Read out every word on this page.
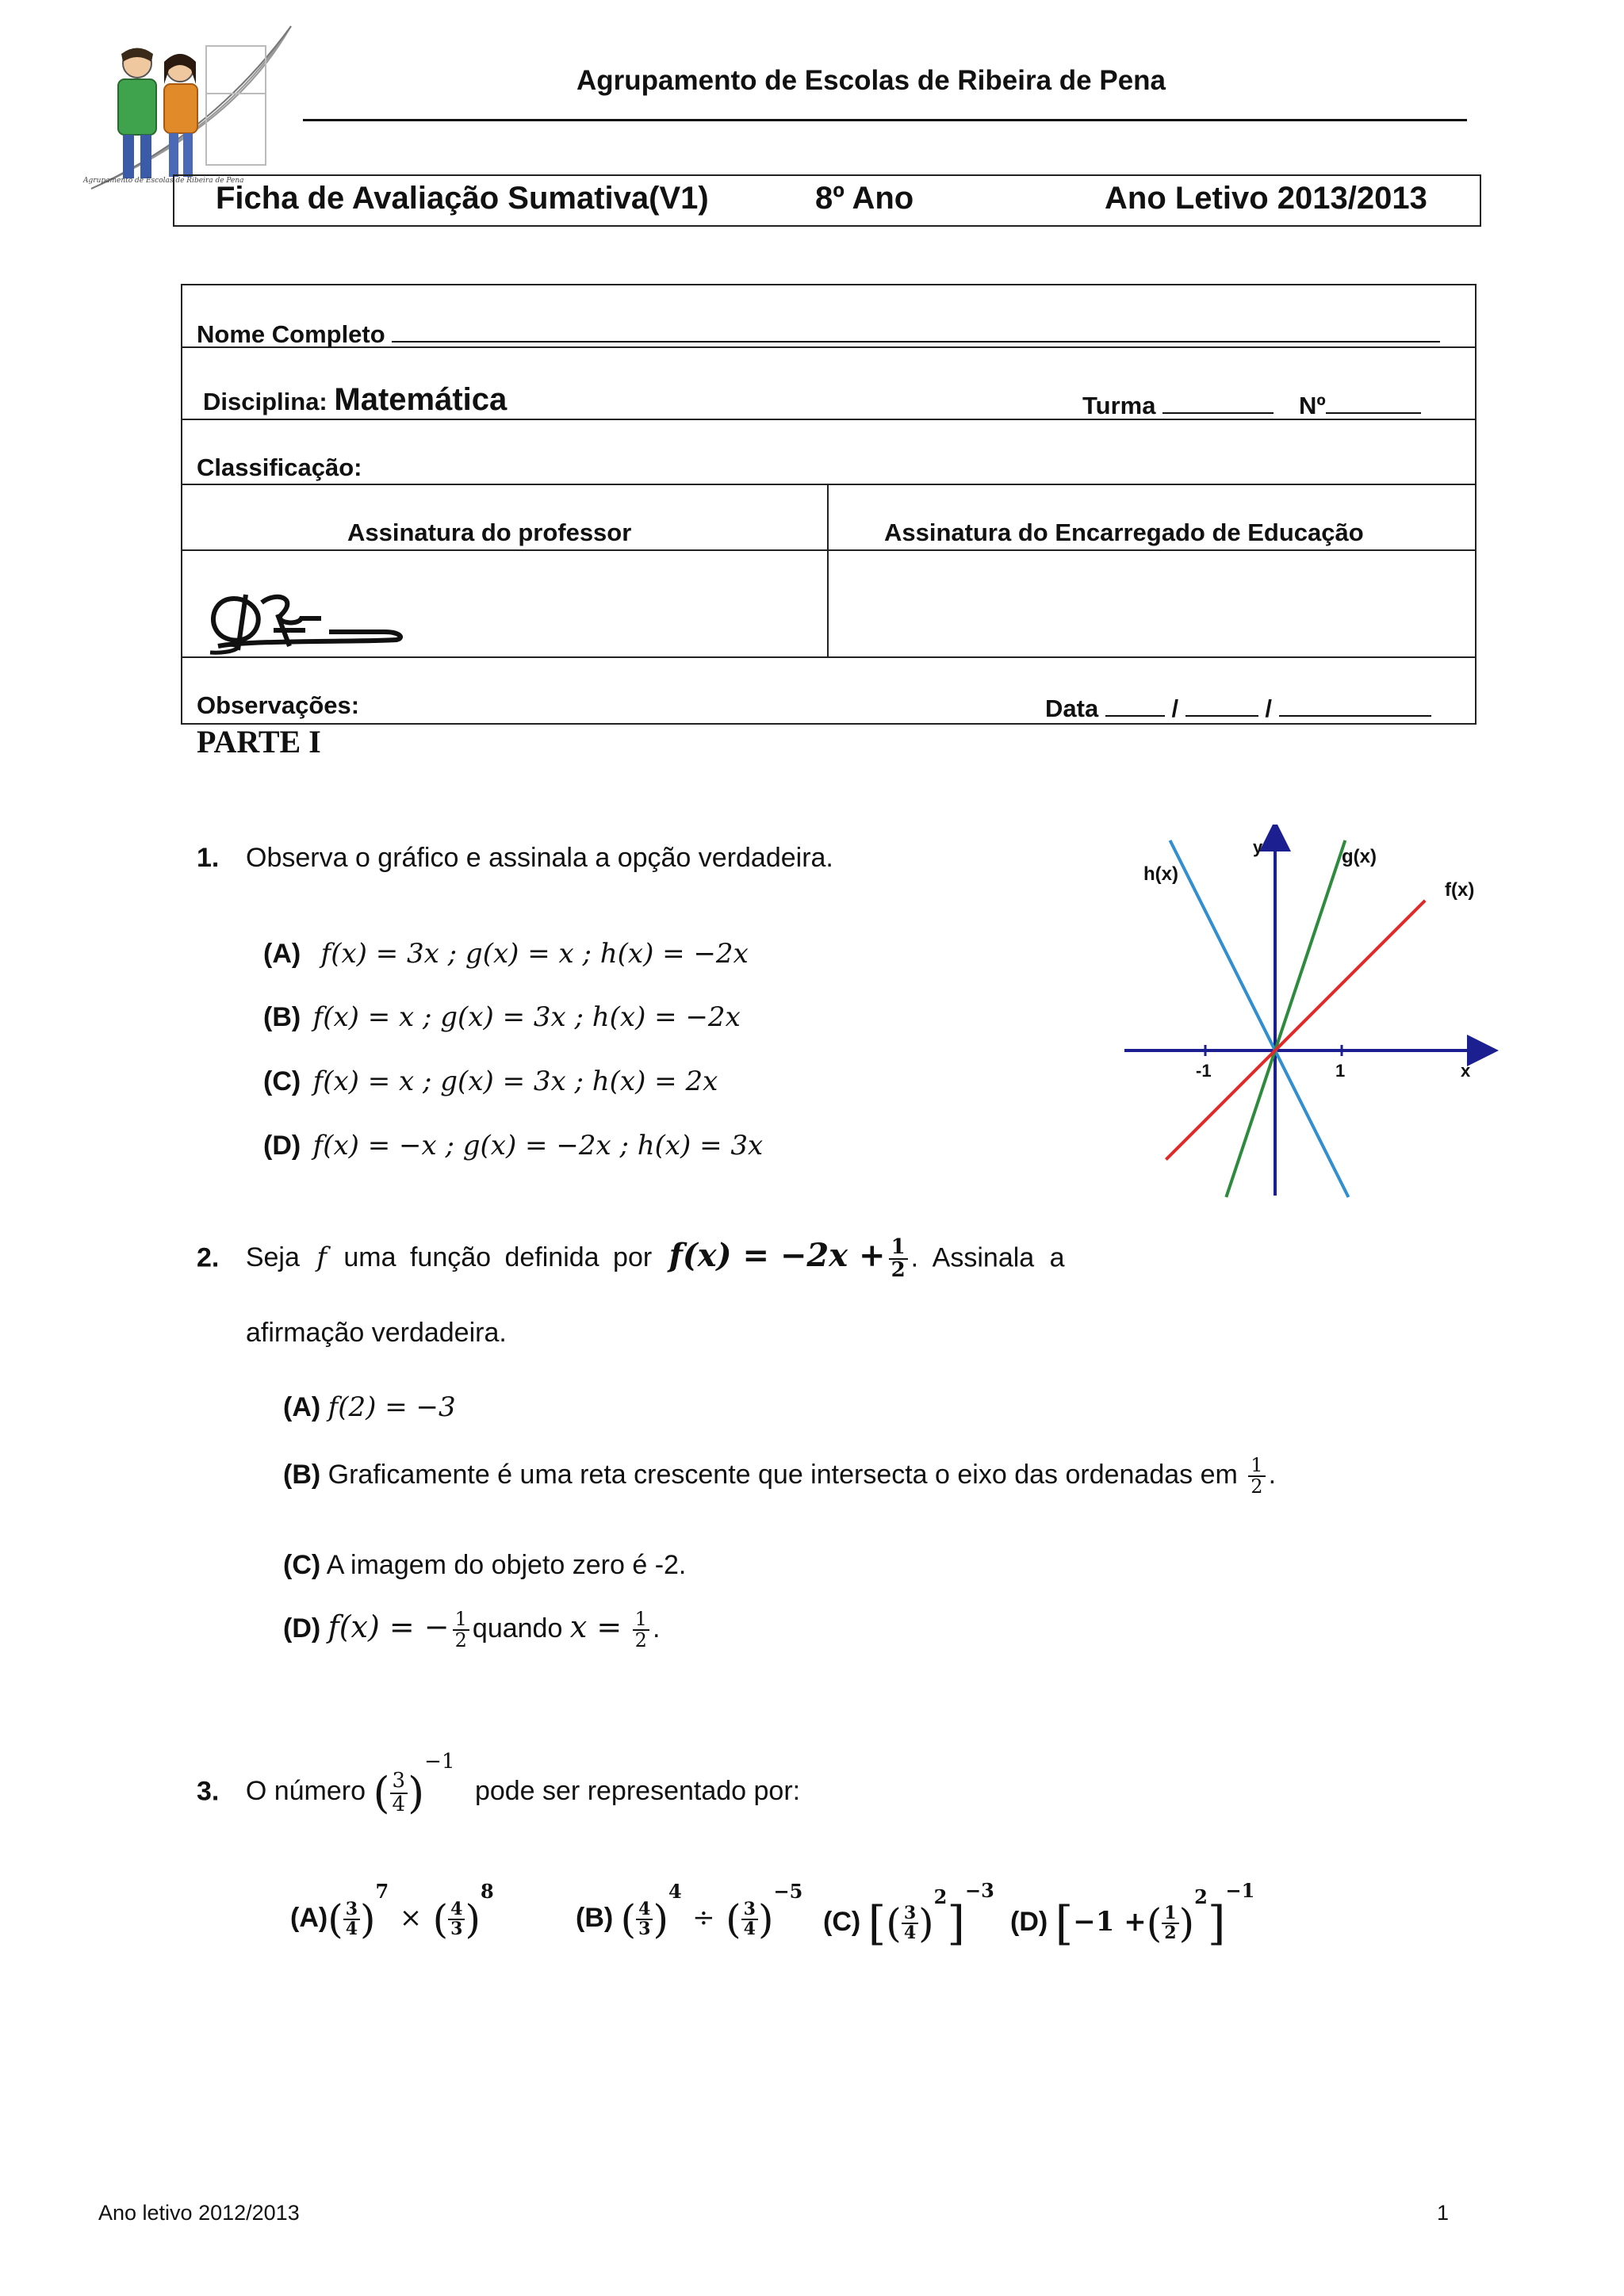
Agrupamento de Escolas de Ribeira de Pena
Agrupamento de Escolas de Ribeira de Pena
Ficha de Avaliação Sumativa(V1)	8º Ano	Ano Letivo 2013/2013
Nome Completo
Disciplina: Matemática	Turma	Nº
Classificação:
Assinatura do professor	Assinatura do Encarregado de Educação
Observações:	Data	/	/
PARTE I
1. Observa o gráfico e assinala a opção verdadeira.
(A) f(x) = 3x ; g(x) = x ; h(x) = −2x
(B) f(x) = x ; g(x) = 3x ; h(x) = −2x
(C) f(x) = x ; g(x) = 3x ; h(x) = 2x
(D) f(x) = −x ; g(x) = −2x ; h(x) = 3x
h(x)
g(x)
f(x)
y
x
-1	1
2. Seja f uma função definida por $f(x) = -2x + \frac{1}{2}$ . Assinala a
afirmação verdadeira.
(A) f(2) = −3
(B) Graficamente é uma reta crescente que intersecta o eixo das ordenadas em $\frac{1}{2}$ .
(C) A imagem do objeto zero é -2.
(D) f(x) = − $\frac{1}{2}$ quando $x = \frac{1}{2}$ .
3. O número ( $\frac{3}{4} )^{-1}$ pode ser representado por:
$(A)( \frac{3}{4} )^7$ × ( $\frac{4}{3} )^8$
(B) ( $\frac{4}{3} )^4$ ÷ ( $\frac{3}{4} )^{-5}$
(C) [( $\frac{3}{4} )^2]^{-3}$
(D) [−1 +( $\frac{1}{2} )^2]^{-1}$
Ano letivo 2012/2013	1
